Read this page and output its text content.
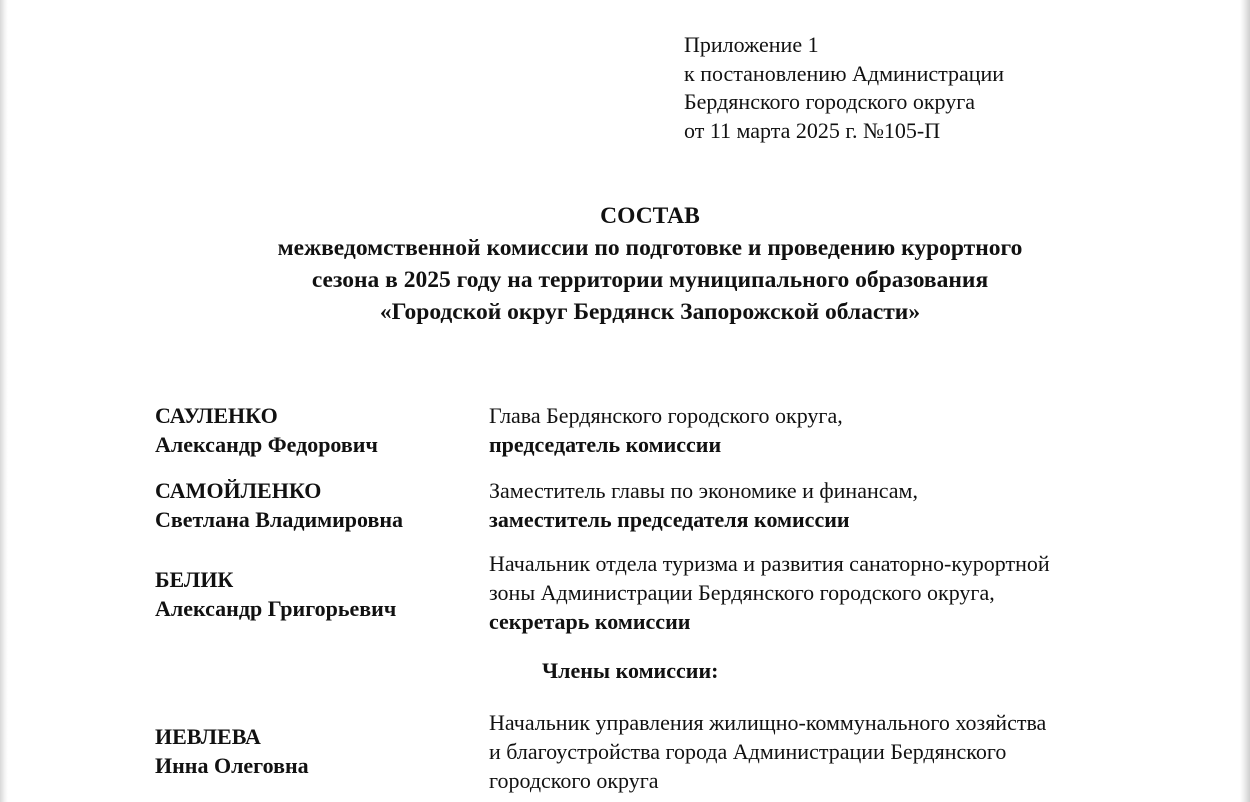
Приложение 1
к постановлению Администрации
Бердянского городского округа
от 11 марта 2025 г. №105-П
СОСТАВ
межведомственной комиссии по подготовке и проведению курортного
сезона в 2025 году на территории муниципального образования
«Городской округ Бердянск Запорожской области»
САУЛЕНКО
Александр Федорович
Глава Бердянского городского округа,
председатель комиссии
САМОЙЛЕНКО
Светлана Владимировна
Заместитель главы по экономике и финансам,
заместитель председателя комиссии
БЕЛИК
Александр Григорьевич
Начальник отдела туризма и развития санаторно-курортной
зоны Администрации Бердянского городского округа,
секретарь комиссии
Члены комиссии:
ИЕВЛЕВА
Инна Олеговна
Начальник управления жилищно-коммунального хозяйства
и благоустройства города Администрации Бердянского
городского округа
